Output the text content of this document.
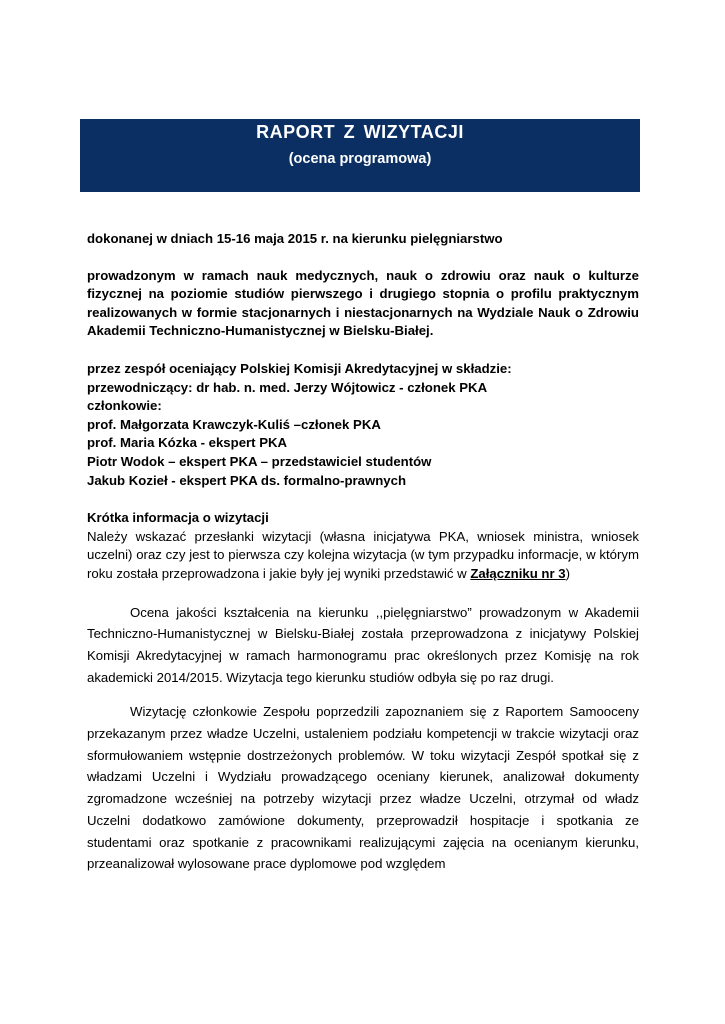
RAPORT Z WIZYTACJI
(ocena programowa)

dokonanej w dniach 15-16 maja 2015 r. na kierunku pielęgniarstwo

prowadzonym w ramach nauk medycznych, nauk o zdrowiu oraz nauk o kulturze fizycznej na poziomie studiów pierwszego i drugiego stopnia o profilu praktycznym realizowanych w formie stacjonarnych i niestacjonarnych na Wydziale Nauk o Zdrowiu Akademii Techniczno-Humanistycznej w Bielsku-Białej.

przez zespół oceniający Polskiej Komisji Akredytacyjnej w składzie:

przewodniczący: dr hab. n. med. Jerzy Wójtowicz - członek PKA

członkowie:

prof. Małgorzata Krawczyk-Kuliś –członek PKA

prof. Maria Kózka - ekspert PKA

Piotr Wodok – ekspert PKA – przedstawiciel studentów

Jakub Kozieł - ekspert PKA ds. formalno-prawnych

Krótka informacja o wizytacji

Należy wskazać przesłanki wizytacji (własna inicjatywa PKA, wniosek ministra, wniosek uczelni) oraz czy jest to pierwsza czy kolejna wizytacja (w tym przypadku informacje, w którym roku została przeprowadzona i jakie były jej wyniki przedstawić w Załączniku nr 3)

Ocena jakości kształcenia na kierunku ,,pielęgniarstwo” prowadzonym w Akademii Techniczno-Humanistycznej w Bielsku-Białej została przeprowadzona z inicjatywy Polskiej Komisji Akredytacyjnej w ramach harmonogramu prac określonych przez Komisję na rok akademicki 2014/2015. Wizytacja tego kierunku studiów odbyła się po raz drugi.

Wizytację członkowie Zespołu poprzedzili zapoznaniem się z Raportem Samooceny przekazanym przez władze Uczelni, ustaleniem podziału kompetencji w trakcie wizytacji oraz sformułowaniem wstępnie dostrzeżonych problemów. W toku wizytacji Zespół spotkał się z władzami Uczelni i Wydziału prowadzącego oceniany kierunek, analizował dokumenty zgromadzone wcześniej na potrzeby wizytacji przez władze Uczelni, otrzymał od władz Uczelni dodatkowo zamówione dokumenty, przeprowadził hospitacje i spotkania ze studentami oraz spotkanie z pracownikami realizującymi zajęcia na ocenianym kierunku, przeanalizował wylosowane prace dyplomowe pod względem
